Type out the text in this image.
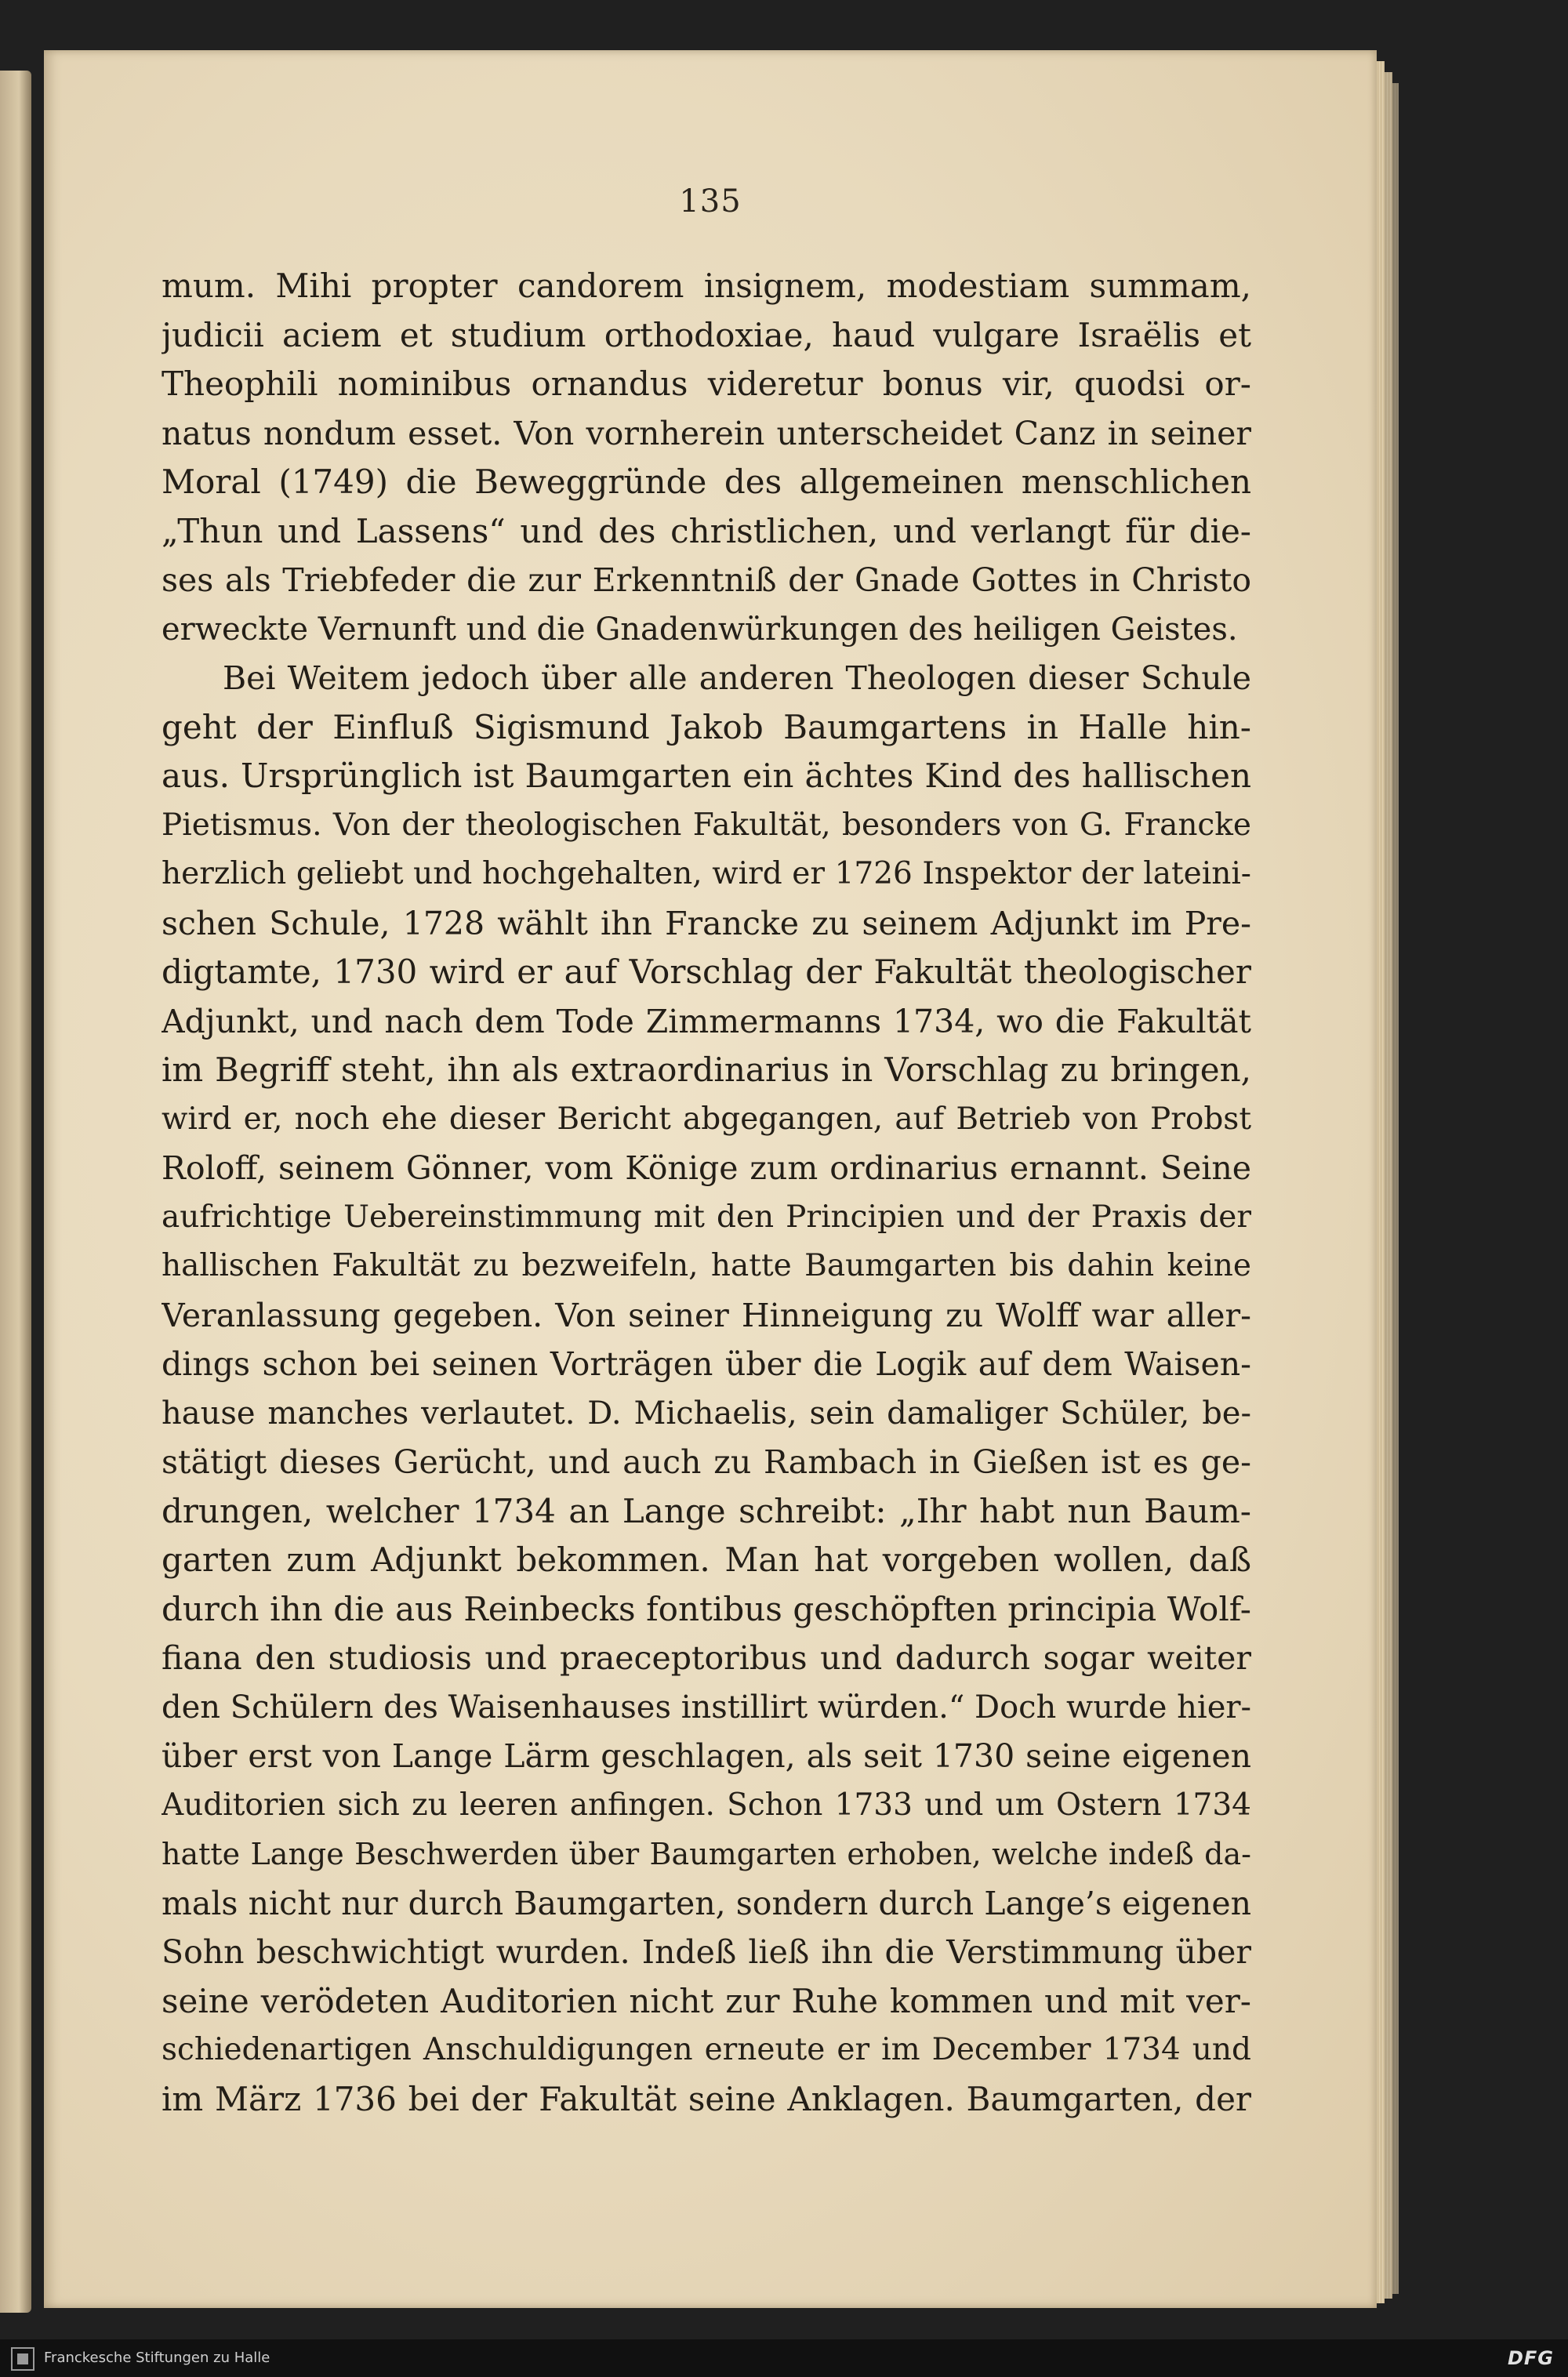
135
mum. Mihi propter candorem insignem, modestiam summam,
judicii aciem et studium orthodoxiae, haud vulgare Israëlis et
Theophili nominibus ornandus videretur bonus vir, quodsi or-
natus nondum esset. Von vornherein unterscheidet Canz in seiner
Moral (1749) die Beweggründe des allgemeinen menschlichen
„Thun und Lassens“ und des christlichen, und verlangt für die-
ses als Triebfeder die zur Erkenntniß der Gnade Gottes in Christo
erweckte Vernunft und die Gnadenwürkungen des heiligen Geistes.
Bei Weitem jedoch über alle anderen Theologen dieser Schule
geht der Einfluß Sigismund Jakob Baumgartens in Halle hin-
aus. Ursprünglich ist Baumgarten ein ächtes Kind des hallischen
Pietismus. Von der theologischen Fakultät, besonders von G. Francke
herzlich geliebt und hochgehalten, wird er 1726 Inspektor der lateini-
schen Schule, 1728 wählt ihn Francke zu seinem Adjunkt im Pre-
digtamte, 1730 wird er auf Vorschlag der Fakultät theologischer
Adjunkt, und nach dem Tode Zimmermanns 1734, wo die Fakultät
im Begriff steht, ihn als extraordinarius in Vorschlag zu bringen,
wird er, noch ehe dieser Bericht abgegangen, auf Betrieb von Probst
Roloff, seinem Gönner, vom Könige zum ordinarius ernannt. Seine
aufrichtige Uebereinstimmung mit den Principien und der Praxis der
hallischen Fakultät zu bezweifeln, hatte Baumgarten bis dahin keine
Veranlassung gegeben. Von seiner Hinneigung zu Wolff war aller-
dings schon bei seinen Vorträgen über die Logik auf dem Waisen-
hause manches verlautet. D. Michaelis, sein damaliger Schüler, be-
stätigt dieses Gerücht, und auch zu Rambach in Gießen ist es ge-
drungen, welcher 1734 an Lange schreibt: „Ihr habt nun Baum-
garten zum Adjunkt bekommen. Man hat vorgeben wollen, daß
durch ihn die aus Reinbecks fontibus geschöpften principia Wolf-
fiana den studiosis und praeceptoribus und dadurch sogar weiter
den Schülern des Waisenhauses instillirt würden.“ Doch wurde hier-
über erst von Lange Lärm geschlagen, als seit 1730 seine eigenen
Auditorien sich zu leeren anfingen. Schon 1733 und um Ostern 1734
hatte Lange Beschwerden über Baumgarten erhoben, welche indeß da-
mals nicht nur durch Baumgarten, sondern durch Lange’s eigenen
Sohn beschwichtigt wurden. Indeß ließ ihn die Verstimmung über
seine verödeten Auditorien nicht zur Ruhe kommen und mit ver-
schiedenartigen Anschuldigungen erneute er im December 1734 und
im März 1736 bei der Fakultät seine Anklagen. Baumgarten, der
Franckesche Stiftungen zu Halle	DFG
